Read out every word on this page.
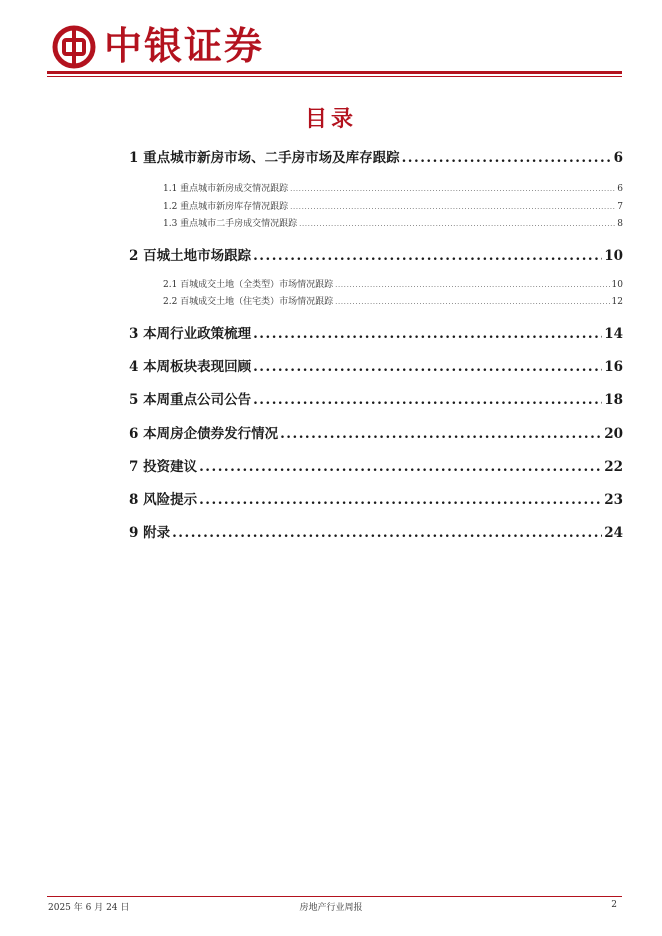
中银证券
目录
1 重点城市新房市场、二手房市场及库存跟踪 .....	6
1.1 重点城市新房成交情况跟踪 .....	6
1.2 重点城市新房库存情况跟踪 .....	7
1.3 重点城市二手房成交情况跟踪 .....	8
2 百城土地市场跟踪 .....	10
2.1 百城成交土地（全类型）市场情况跟踪 .....	10
2.2 百城成交土地（住宅类）市场情况跟踪 .....	12
3 本周行业政策梳理 .....	14
4 本周板块表现回顾 .....	16
5 本周重点公司公告 .....	18
6 本周房企债券发行情况 .....	20
7 投资建议 .....	22
8 风险提示 .....	23
9 附录 .....	24
2025 年 6 月 24 日	房地产行业周报	2
